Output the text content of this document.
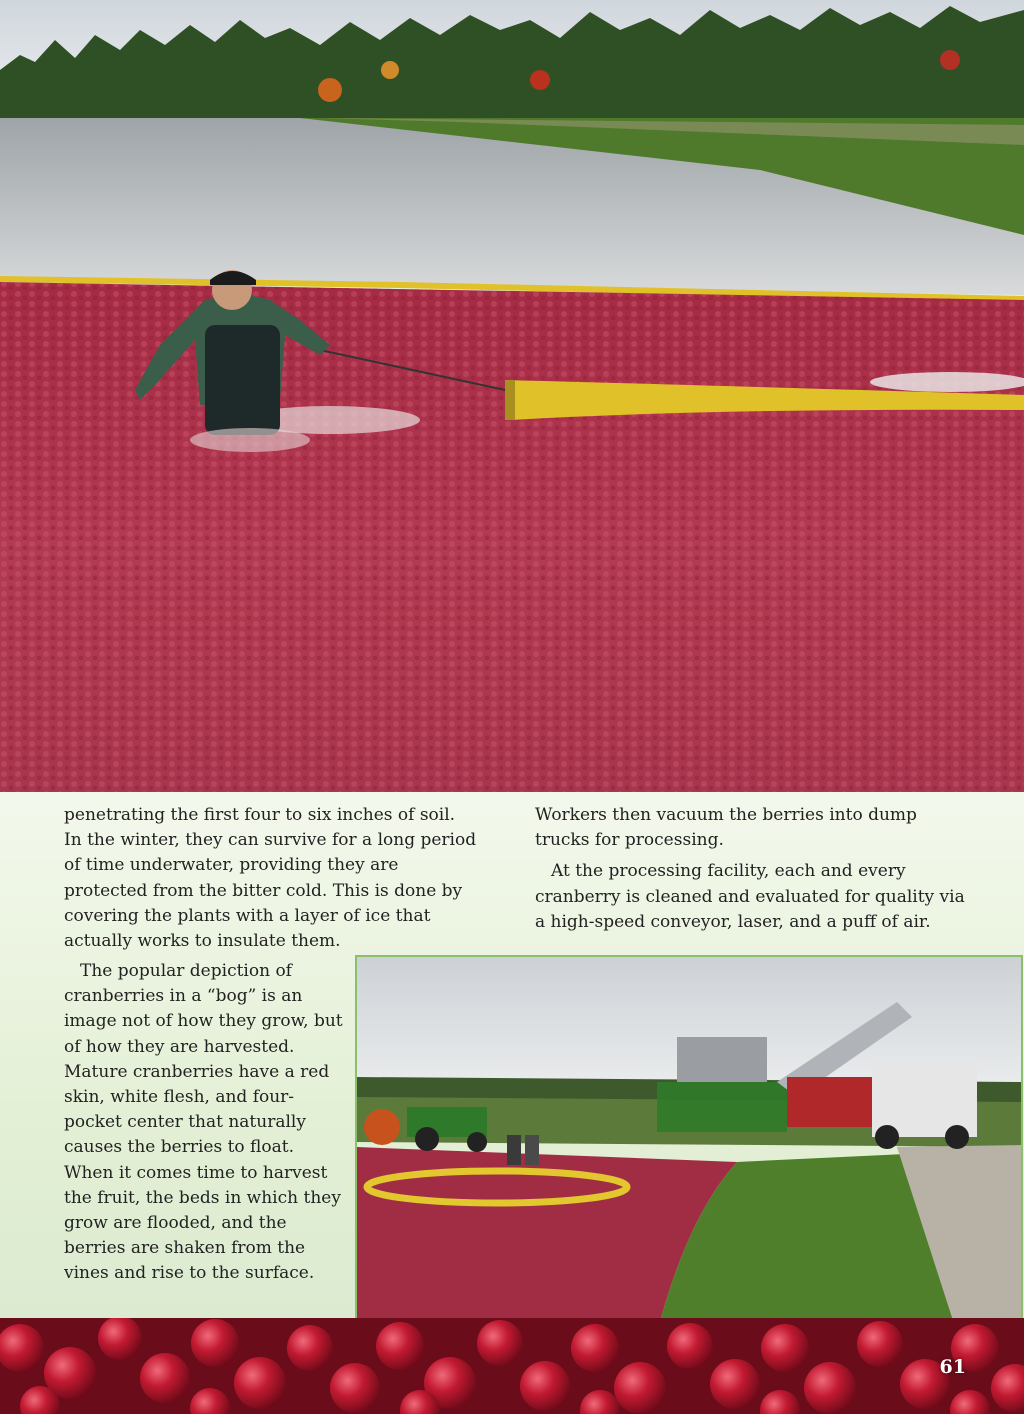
penetrating the first four to six inches of soil. In the winter, they can survive for a long period of time underwater, providing they are protected from the bitter cold. This is done by covering the plants with a layer of ice that actually works to insulate them.

The popular depiction of cranberries in a “bog” is an image not of how they grow, but of how they are harvested. Mature cranberries have a red skin, white flesh, and four-pocket center that naturally causes the berries to float. When it comes time to harvest the fruit, the beds in which they grow are flooded, and the berries are shaken from the vines and rise to the surface.

Workers then vacuum the berries into dump trucks for processing.

At the processing facility, each and every cranberry is cleaned and evaluated for quality via a high-speed conveyor, laser, and a puff of air.

61
